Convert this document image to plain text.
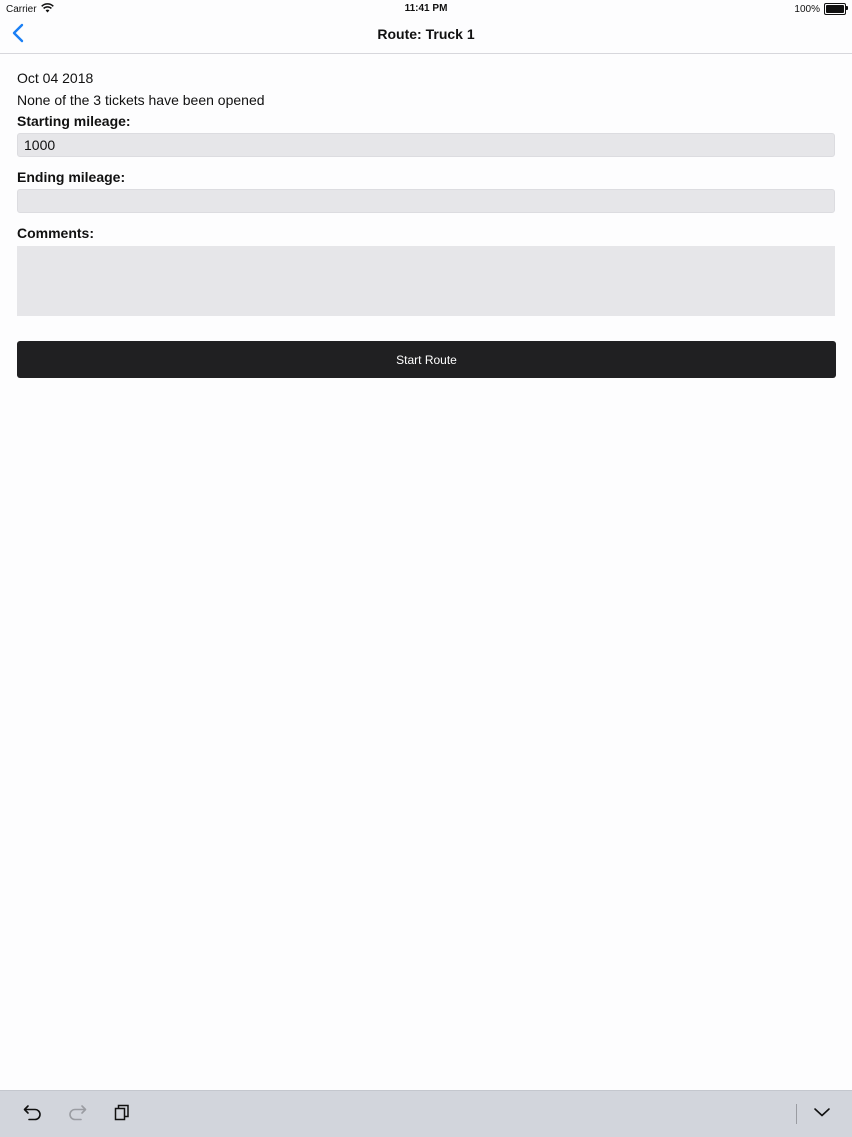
Carrier	11:41 PM	100%
Route: Truck 1
Oct 04 2018
None of the 3 tickets have been opened
Starting mileage:
1000
Ending mileage:
Comments:
Start Route
